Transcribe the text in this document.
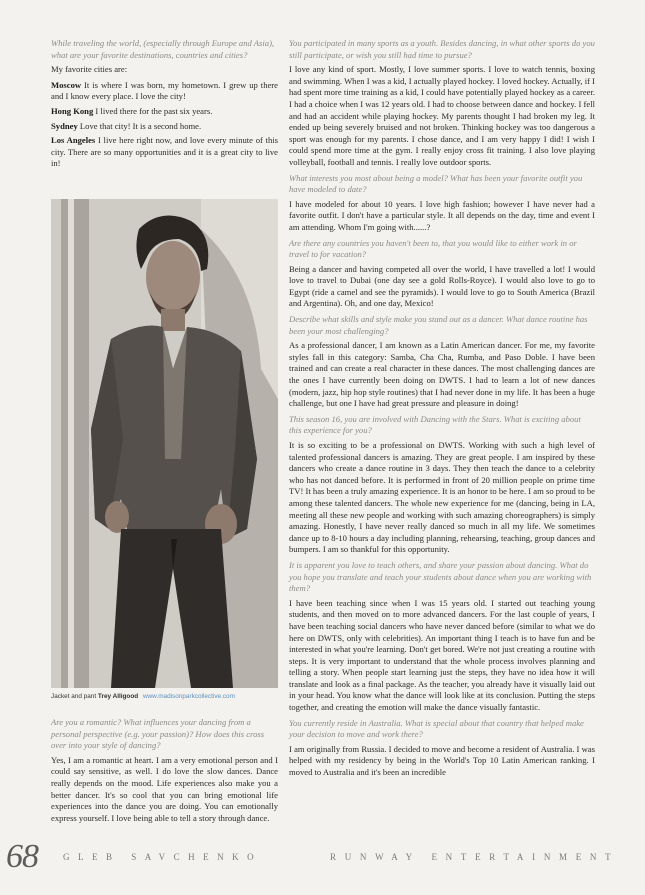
While traveling the world, (especially through Europe and Asia), what are your favorite destinations, countries and cities?

My favorite cities are:

Moscow It is where I was born, my hometown. I grew up there and I know every place. I love the city!

Hong Kong I lived there for the past six years.

Sydney Love that city! It is a second home.

Los Angeles I live here right now, and love every minute of this city. There are so many opportunities and it is a great city to live in!

Jacket and pant Trey Alligood www.madisonparkcollective.com

Are you a romantic? What influences your dancing from a personal perspective (e.g. your passion)? How does this cross over into your style of dancing?

Yes, I am a romantic at heart. I am a very emotional person and I could say sensitive, as well. I do love the slow dances. Dance really depends on the mood. Life experiences also make you a better dancer. It's so cool that you can bring emotional life experiences into the dance you are doing. You can emotionally express yourself. I love being able to tell a story through dance.

You participated in many sports as a youth. Besides dancing, in what other sports do you still participate, or wish you still had time to pursue?

I love any kind of sport. Mostly, I love summer sports. I love to watch tennis, boxing and swimming. When I was a kid, I actually played hockey. I loved hockey. Actually, if I had spent more time training as a kid, I could have potentially played hockey as a career. I had a choice when I was 12 years old. I had to choose between dance and hockey. I fell and had an accident while playing hockey. My parents thought I had broken my leg. It ended up being severely bruised and not broken. Thinking hockey was too dangerous a sport was enough for my parents. I chose dance, and I am very happy I did! I wish I could spend more time at the gym. I really enjoy cross fit training. I also love playing volleyball, football and tennis. I really love outdoor sports.

What interests you most about being a model? What has been your favorite outfit you have modeled to date?

I have modeled for about 10 years. I love high fashion; however I have never had a favorite outfit. I don't have a particular style. It all depends on the day, time and event I am attending. Whom I'm going with......?

Are there any countries you haven't been to, that you would like to either work in or travel to for vacation?

Being a dancer and having competed all over the world, I have travelled a lot! I would love to travel to Dubai (one day see a gold Rolls-Royce). I would also love to go to Egypt (ride a camel and see the pyramids). I would love to go to South America (Brazil and Argentina). Oh, and one day, Mexico!

Describe what skills and style make you stand out as a dancer. What dance routine has been your most challenging?

As a professional dancer, I am known as a Latin American dancer. For me, my favorite styles fall in this category: Samba, Cha Cha, Rumba, and Paso Doble. I have been trained and can create a real character in these dances. The most challenging dances are the ones I have currently been doing on DWTS. I had to learn a lot of new dances (modern, jazz, hip hop style routines) that I had never done in my life. It has been a huge challenge, but one I have had great pressure and pleasure in doing!

This season 16, you are involved with Dancing with the Stars. What is exciting about this experience for you?

It is so exciting to be a professional on DWTS. Working with such a high level of talented professional dancers is amazing. They are great people. I am inspired by these dancers who create a dance routine in 3 days. They then teach the dance to a celebrity who has not danced before. It is performed in front of 20 million people on prime time TV! It has been a truly amazing experience. It is an honor to be here. I am so proud to be among these talented dancers. The whole new experience for me (dancing, being in LA, meeting all these new people and working with such amazing choreographers) is simply amazing. Honestly, I have never really danced so much in all my life. We sometimes dance up to 8-10 hours a day including planning, rehearsing, teaching, group dances and bumpers. I am so thankful for this opportunity.

It is apparent you love to teach others, and share your passion about dancing. What do you hope you translate and teach your students about dance when you are working with them?

I have been teaching since when I was 15 years old. I started out teaching young students, and then moved on to more advanced dancers. For the last couple of years, I have been teaching social dancers who have never danced before (similar to what we do here on DWTS, only with celebrities). An important thing I teach is to have fun and be interested in what you're learning. Don't get bored. We're not just creating a routine with steps. It is very important to understand that the whole process involves planning and telling a story. When people start learning just the steps, they have no idea how it will translate and look as a final package. As the teacher, you already have it visually laid out in your head. You know what the dance will look like at its conclusion. Putting the steps together, and creating the emotion will make the dance visually fantastic.

You currently reside in Australia. What is special about that country that helped make your decision to move and work there?

I am originally from Russia. I decided to move and become a resident of Australia. I was helped with my residency by being in the World's Top 10 Latin American ranking. I moved to Australia and it's been an incredible

68	GLEB SAVCHENKO	RUNWAY ENTERTAINMENT
